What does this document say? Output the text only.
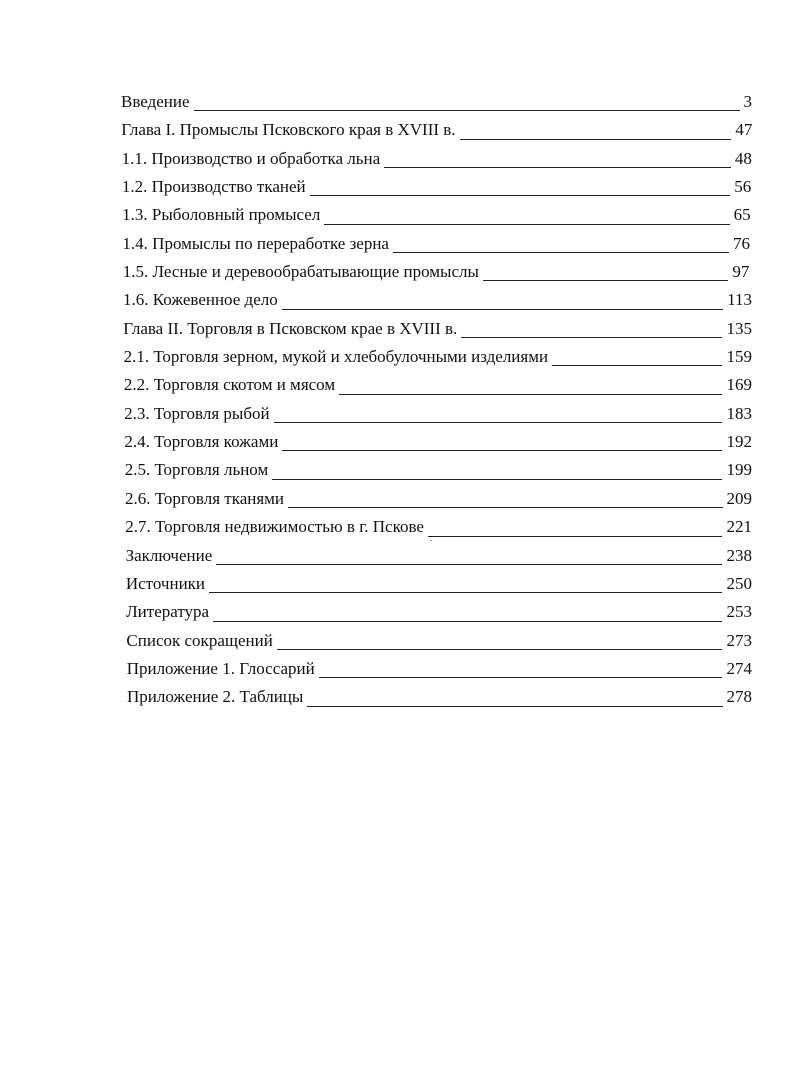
Введение	3
Глава I. Промыслы Псковского края в XVIII в.	47
1.1. Производство и обработка льна	48
1.2. Производство тканей	56
1.3. Рыболовный промысел	65
1.4. Промыслы по переработке зерна	76
1.5. Лесные и деревообрабатывающие промыслы	97
1.6. Кожевенное дело	113
Глава II. Торговля в Псковском крае в XVIII в.	135
2.1. Торговля зерном, мукой и хлебобулочными изделиями	159
2.2. Торговля скотом и мясом	169
2.3. Торговля рыбой	183
2.4. Торговля кожами	192
2.5. Торговля льном	199
2.6. Торговля тканями	209
2.7. Торговля недвижимостью в г. Пскове	221
Заключение	238
Источники	250
Литература	253
Список сокращений	273
Приложение 1. Глоссарий	274
Приложение 2. Таблицы	278
